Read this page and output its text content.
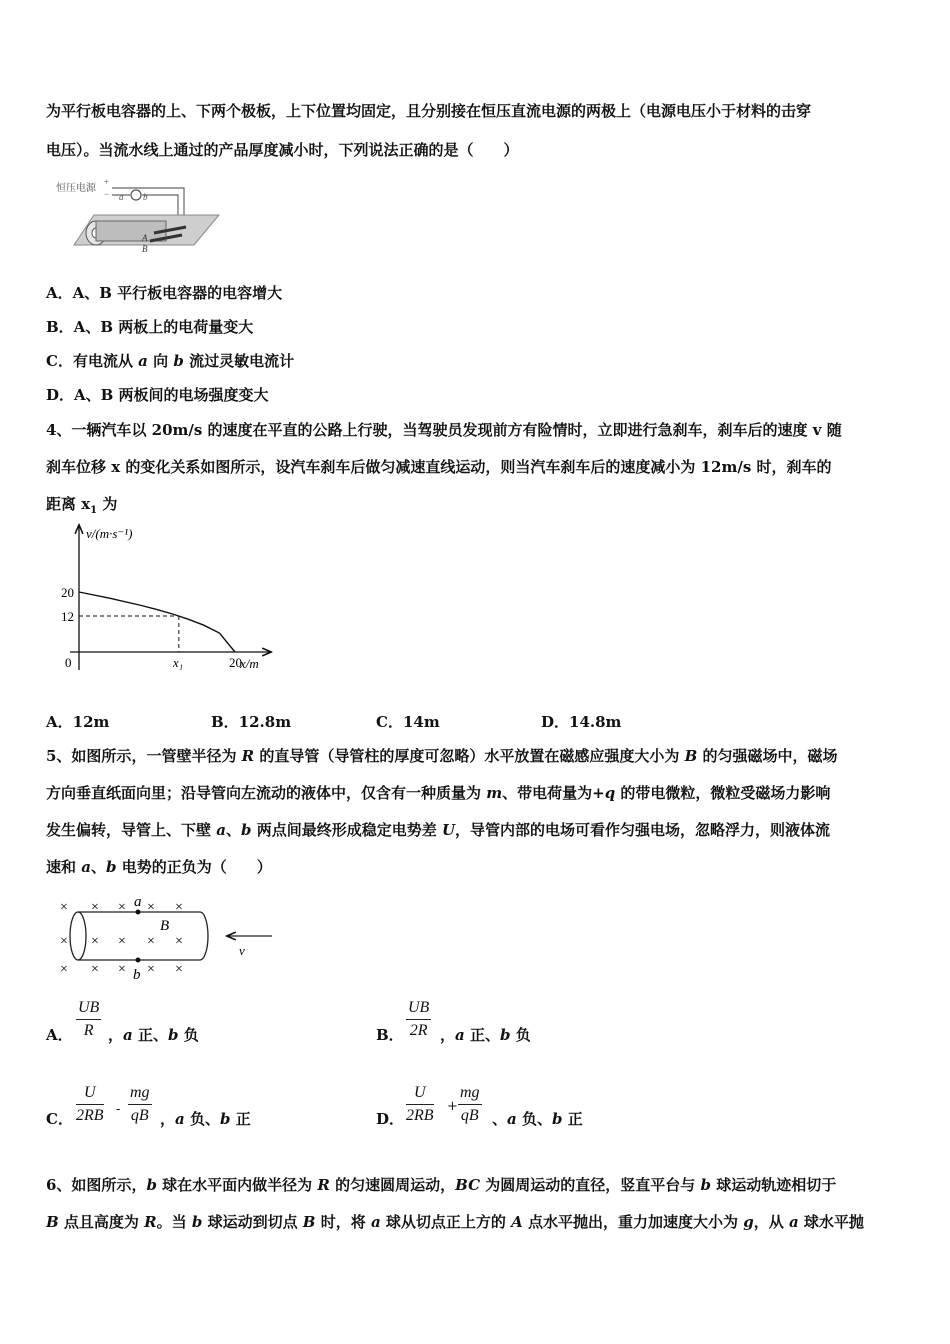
为平行板电容器的上、下两个极板，上下位置均固定，且分别接在恒压直流电源的两极上（电源电压小于材料的击穿
电压）。当流水线上通过的产品厚度减小时，下列说法正确的是（　　）
恒压电源
+
− a b
A
B
A．A、B 平行板电容器的电容增大
B．A、B 两板上的电荷量变大
C．有电流从 a 向 b 流过灵敏电流计
D．A、B 两板间的电场强度变大
4、一辆汽车以 20m/s 的速度在平直的公路上行驶，当驾驶员发现前方有险情时，立即进行急刹车，刹车后的速度 v 随
刹车位移 x 的变化关系如图所示，设汽车刹车后做匀减速直线运动，则当汽车刹车后的速度减小为 12m/s 时，刹车的
距离 $x_1$ 为
v/(m·s⁻¹)
x/m
0
20
12
x₁	20
A．12m	B．12.8m	C．14m	D．14.8m
5、如图所示，一管壁半径为 R 的直导管（导管柱的厚度可忽略）水平放置在磁感应强度大小为 B 的匀强磁场中，磁场
方向垂直纸面向里；沿导管向左流动的液体中，仅含有一种质量为 m、带电荷量为+q 的带电微粒，微粒受磁场力影响
发生偏转，导管上、下壁 a、b 两点间最终形成稳定电势差 U，导管内部的电场可看作匀强电场，忽略浮力，则液体流
速和 a、b 电势的正负为（　　）
× × × × ×
× × × × ×
× × × × ×
a
b
B
v
A． $\frac{UB}{R}$ ，a 正、b 负	B． $\frac{UB}{2R}$ ，a 正、b 负
C． $\frac{U}{2RB} - \frac{mg}{qB}$ ，a 负、b 正	D． $\frac{U}{2RB} + \frac{mg}{qB}$ 、a 负、b 正
6、如图所示，b 球在水平面内做半径为 R 的匀速圆周运动，BC 为圆周运动的直径，竖直平台与 b 球运动轨迹相切于
B 点且高度为 R。当 b 球运动到切点 B 时，将 a 球从切点正上方的 A 点水平抛出，重力加速度大小为 g，从 a 球水平抛
